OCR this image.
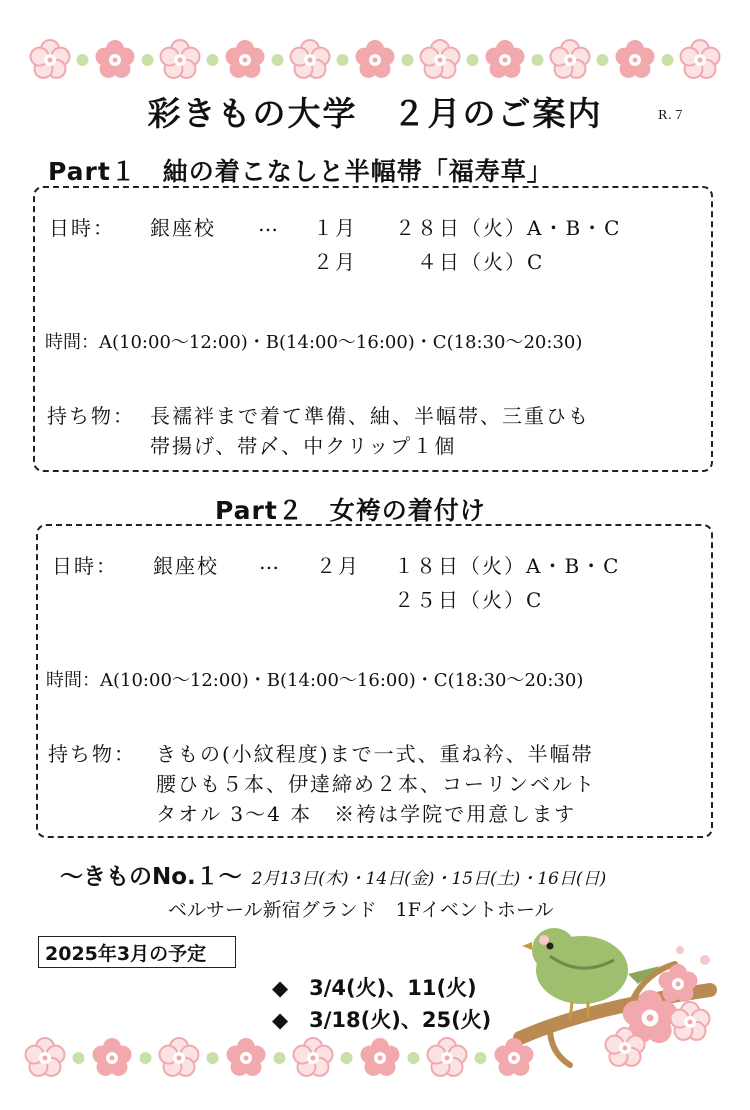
彩きもの大学　２月のご案内	R.７
Part１　紬の着こなしと半幅帯「福寿草」
日時： 銀座校 … １月 ２８日（火）A・B・C
２月	４日（火）C
時間：A(10:00～12:00)・B(14:00～16:00)・C(18:30～20:30)
持ち物： 長襦袢まで着て準備、紬、半幅帯、三重ひも
帯揚げ、帯〆、中クリップ１個
Part２　女袴の着付け
日時： 銀座校 … ２月 １８日（火）A・B・C
２５日（火）C
時間：A(10:00～12:00)・B(14:00～16:00)・C(18:30～20:30)
持ち物： きもの(小紋程度)まで一式、重ね衿、半幅帯
腰ひも５本、伊達締め２本、コーリンベルト
タオル 3～4 本　※袴は学院で用意します
～きものNo.１～ 2月13日(木)・14日(金)・15日(土)・16日(日)
ベルサール新宿グランド　1Fイベントホール
2025年3月の予定
◆　3/4(火)、11(火)
◆　3/18(火)、25(火)
